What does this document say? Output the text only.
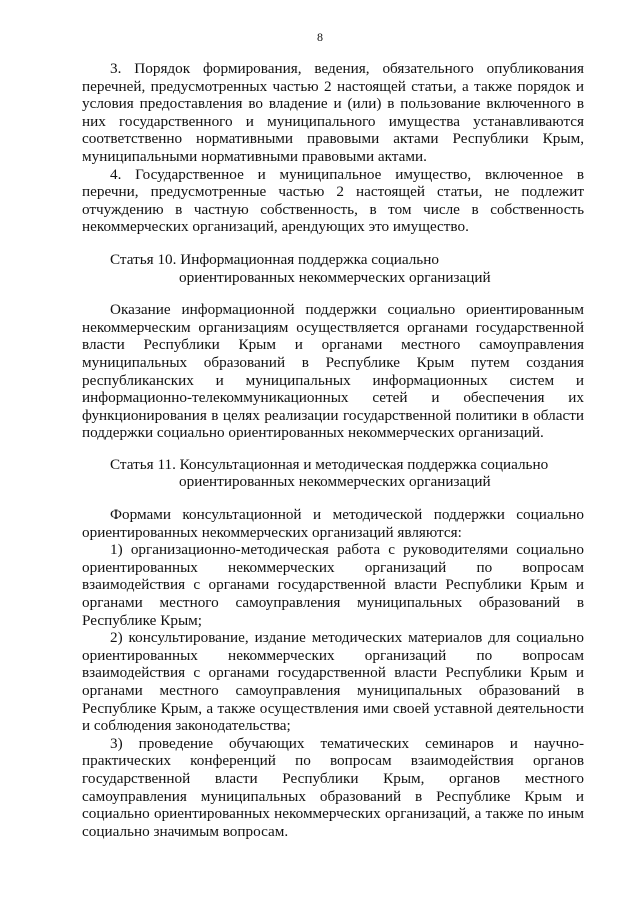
8

3. Порядок формирования, ведения, обязательного опубликования перечней, предусмотренных частью 2 настоящей статьи, а также порядок и условия предоставления во владение и (или) в пользование включенного в них государственного и муниципального имущества устанавливаются соответственно нормативными правовыми актами Республики Крым, муниципальными нормативными правовыми актами.

4. Государственное и муниципальное имущество, включенное в перечни, предусмотренные частью 2 настоящей статьи, не подлежит отчуждению в частную собственность, в том числе в собственность некоммерческих организаций, арендующих это имущество.

Статья 10. Информационная поддержка социально
ориентированных некоммерческих организаций

Оказание информационной поддержки социально ориентированным некоммерческим организациям осуществляется органами государственной власти Республики Крым и органами местного самоуправления муниципальных образований в Республике Крым путем создания республиканских и муниципальных информационных систем и информационно-телекоммуникационных сетей и обеспечения их функционирования в целях реализации государственной политики в области поддержки социально ориентированных некоммерческих организаций.

Статья 11. Консультационная и методическая поддержка социально
ориентированных некоммерческих организаций

Формами консультационной и методической поддержки социально ориентированных некоммерческих организаций являются:

1) организационно-методическая работа с руководителями социально ориентированных некоммерческих организаций по вопросам взаимодействия с органами государственной власти Республики Крым и органами местного самоуправления муниципальных образований в Республике Крым;

2) консультирование, издание методических материалов для социально ориентированных некоммерческих организаций по вопросам взаимодействия с органами государственной власти Республики Крым и органами местного самоуправления муниципальных образований в Республике Крым, а также осуществления ими своей уставной деятельности и соблюдения законодательства;

3) проведение обучающих тематических семинаров и научно-практических конференций по вопросам взаимодействия органов государственной власти Республики Крым, органов местного самоуправления муниципальных образований в Республике Крым и социально ориентированных некоммерческих организаций, а также по иным социально значимым вопросам.
